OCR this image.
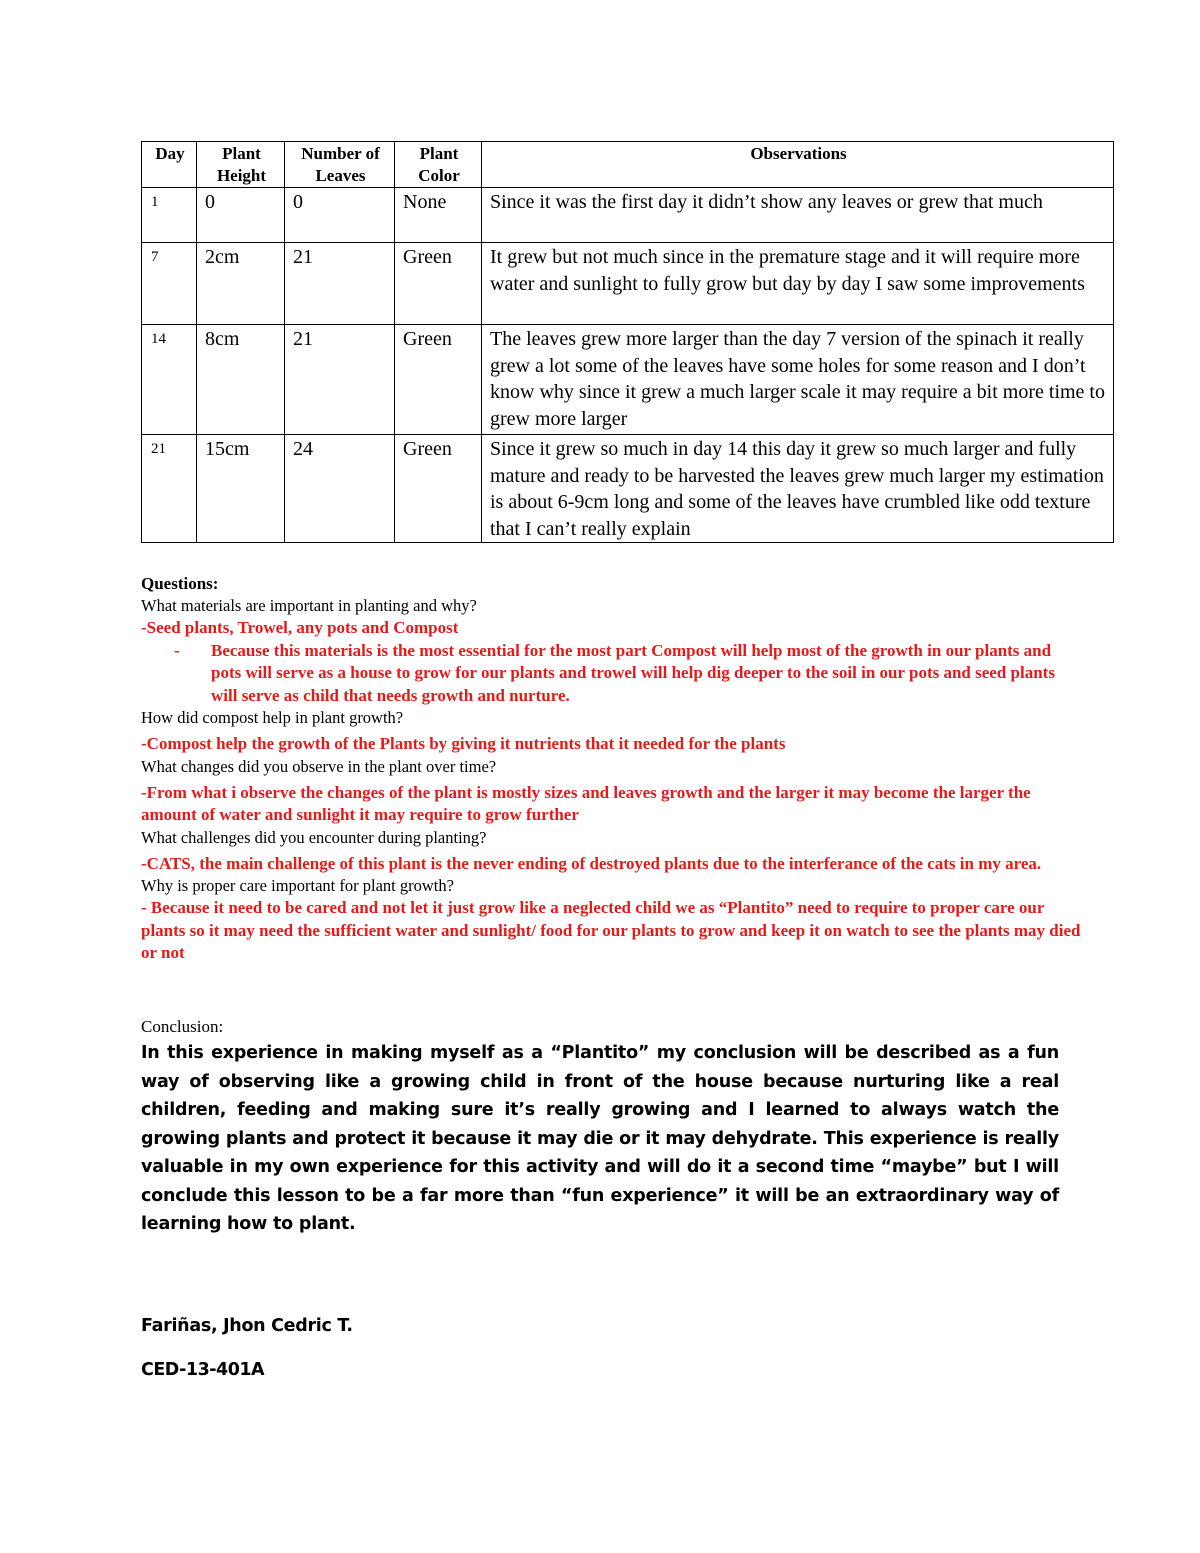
Day	Plant Height	Number of Leaves	Plant Color	Observations
1	0	0	None	Since it was the first day it didn’t show any leaves or grew that much
7	2cm	21	Green	It grew but not much since in the premature stage and it will require more water and sunlight to fully grow but day by day I saw some improvements
14	8cm	21	Green	The leaves grew more larger than the day 7 version of the spinach it really grew a lot some of the leaves have some holes for some reason and I don’t know why since it grew a much larger scale it may require a bit more time to grew more larger
21	15cm	24	Green	Since it grew so much in day 14 this day it grew so much larger and fully mature and ready to be harvested the leaves grew much larger my estimation is about 6-9cm long and some of the leaves have crumbled like odd texture that I can’t really explain
Questions:
What materials are important in planting and why?
-Seed plants, Trowel, any pots and Compost
- Because this materials is the most essential for the most part Compost will help most of the growth in our plants and pots will serve as a house to grow for our plants and trowel will help dig deeper to the soil in our pots and seed plants will serve as child that needs growth and nurture.
How did compost help in plant growth?
-Compost help the growth of the Plants by giving it nutrients that it needed for the plants
What changes did you observe in the plant over time?
-From what i observe the changes of the plant is mostly sizes and leaves growth and the larger it may become the larger the amount of water and sunlight it may require to grow further
What challenges did you encounter during planting?
-CATS, the main challenge of this plant is the never ending of destroyed plants due to the interferance of the cats in my area.
Why is proper care important for plant growth?
- Because it need to be cared and not let it just grow like a neglected child we as “Plantito” need to require to proper care our plants so it may need the sufficient water and sunlight/ food for our plants to grow and keep it on watch to see the plants may died or not
Conclusion:
In this experience in making myself as a “Plantito” my conclusion will be described as a fun way of observing like a growing child in front of the house because nurturing like a real children, feeding and making sure it’s really growing and I learned to always watch the growing plants and protect it because it may die or it may dehydrate. This experience is really valuable in my own experience for this activity and will do it a second time “maybe” but I will conclude this lesson to be a far more than “fun experience” it will be an extraordinary way of learning how to plant.
Fariñas, Jhon Cedric T.
CED-13-401A
